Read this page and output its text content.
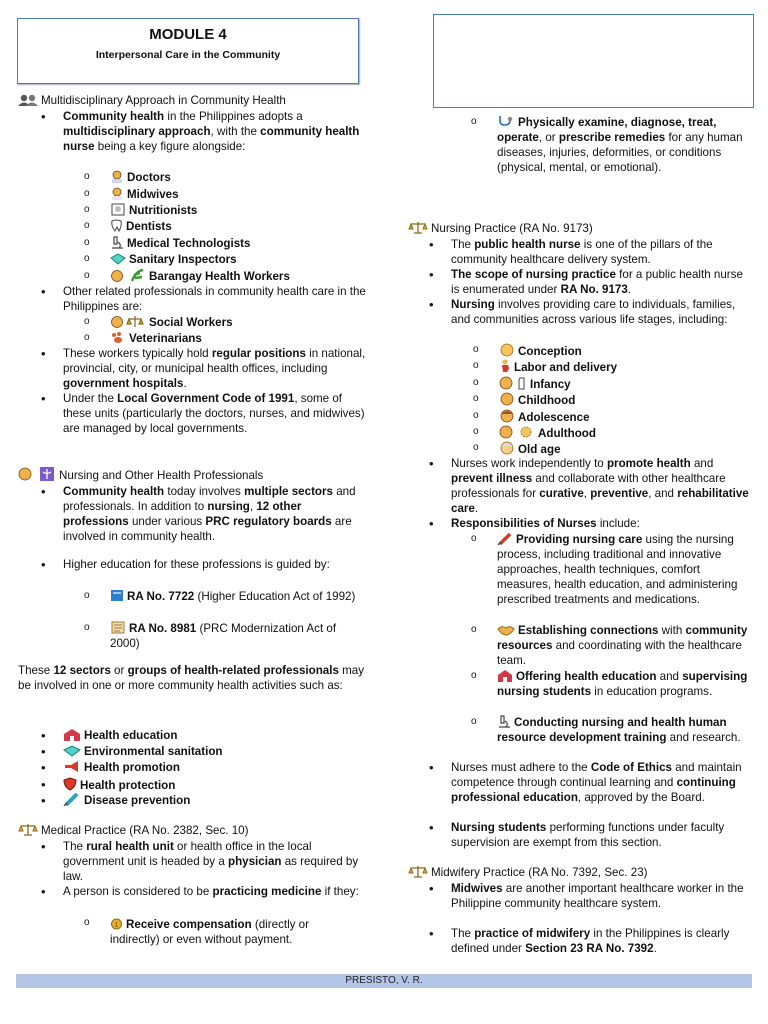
MODULE 4
Interpersonal Care in the Community
Multidisciplinary Approach in Community Health
• Community health in the Philippines adopts a multidisciplinary approach, with the community health nurse being a key figure alongside:
o Doctors
o Midwives
o Nutritionists
o Dentists
o Medical Technologists
o Sanitary Inspectors
o Barangay Health Workers
• Other related professionals in community health care in the Philippines are:
o Social Workers
o Veterinarians
• These workers typically hold regular positions in national, provincial, city, or municipal health offices, including government hospitals.
• Under the Local Government Code of 1991, some of these units (particularly the doctors, nurses, and midwives) are managed by local governments.
Nursing and Other Health Professionals
• Community health today involves multiple sectors and professionals. In addition to nursing, 12 other professions under various PRC regulatory boards are involved in community health.
• Higher education for these professions is guided by:
o RA No. 7722 (Higher Education Act of 1992)
o RA No. 8981 (PRC Modernization Act of 2000)
These 12 sectors or groups of health-related professionals may be involved in one or more community health activities such as:
• Health education
• Environmental sanitation
• Health promotion
• Health protection
• Disease prevention
Medical Practice (RA No. 2382, Sec. 10)
• The rural health unit or health office in the local government unit is headed by a physician as required by law.
• A person is considered to be practicing medicine if they:
o 1 Receive compensation (directly or indirectly) or even without payment.
o Physically examine, diagnose, treat, operate, or prescribe remedies for any human diseases, injuries, deformities, or conditions (physical, mental, or emotional).
Nursing Practice (RA No. 9173)
• The public health nurse is one of the pillars of the community healthcare delivery system.
• The scope of nursing practice for a public health nurse is enumerated under RA No. 9173.
• Nursing involves providing care to individuals, families, and communities across various life stages, including:
o Conception
o Labor and delivery
o Infancy
o Childhood
o Adolescence
o Adulthood
o Old age
• Nurses work independently to promote health and prevent illness and collaborate with other healthcare professionals for curative, preventive, and rehabilitative care.
• Responsibilities of Nurses include:
o Providing nursing care using the nursing process, including traditional and innovative approaches, health techniques, comfort measures, health education, and administering prescribed treatments and medications.
o Establishing connections with community resources and coordinating with the healthcare team.
o Offering health education and supervising nursing students in education programs.
o Conducting nursing and health human resource development training and research.
• Nurses must adhere to the Code of Ethics and maintain competence through continual learning and continuing professional education, approved by the Board.
• Nursing students performing functions under faculty supervision are exempt from this section.
Midwifery Practice (RA No. 7392, Sec. 23)
• Midwives are another important healthcare worker in the Philippine community healthcare system.
• The practice of midwifery in the Philippines is clearly defined under Section 23 RA No. 7392.
PRESISTO, V. R.
